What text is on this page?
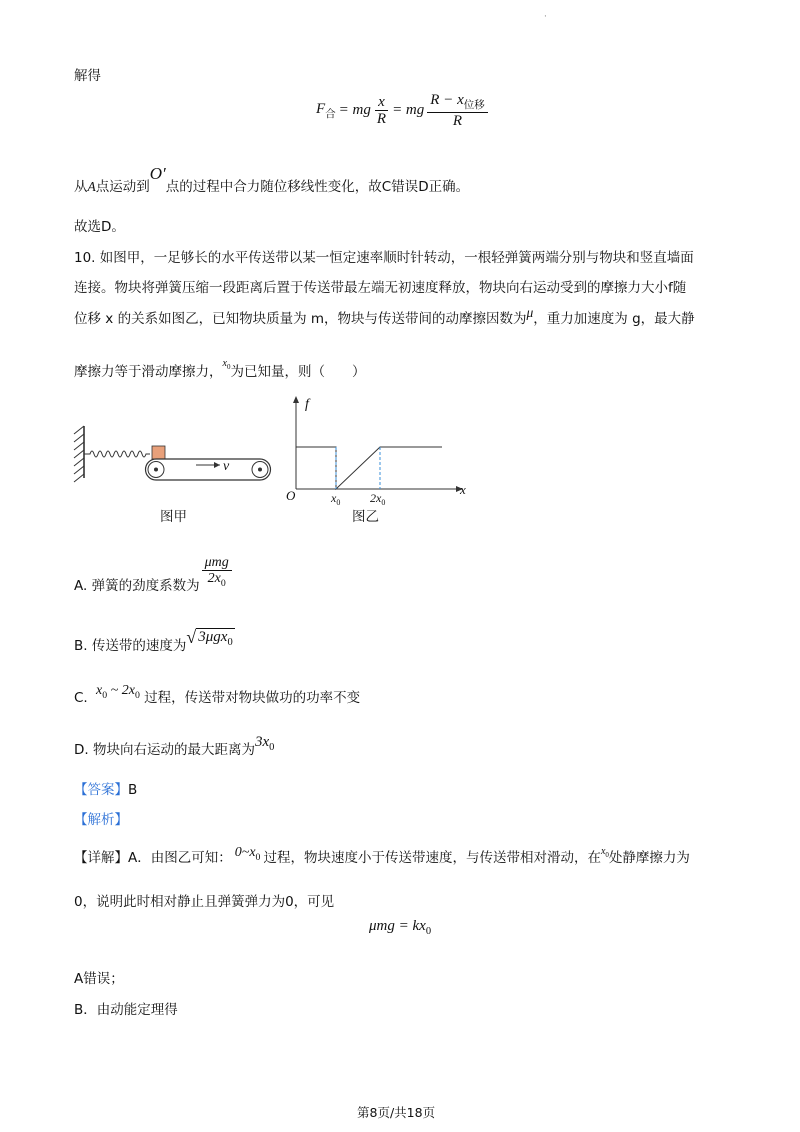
·
解得
$F_合$ = mg $\frac{x}{R}$ = mg $\frac{R - x_{位移}}{R}$
从A点运动到O′点的过程中合力随位移线性变化，故C错误D正确。
故选D。
10. 如图甲，一足够长的水平传送带以某一恒定速率顺时针转动，一根轻弹簧两端分别与物块和竖直墙面
连接。物块将弹簧压缩一段距离后置于传送带最左端无初速度释放，物块向右运动受到的摩擦力大小f随
位移 x 的关系如图乙，已知物块质量为 m，物块与传送带间的动摩擦因数为μ，重力加速度为 g，最大静
摩擦力等于滑动摩擦力，$^{x_0}$为已知量，则（　　）
v
图甲
f
x
O	$x_0$ $2x_0$
图乙
A. 弹簧的劲度系数为 $\frac{\text{μmg}}{2x_0}$
B. 传送带的速度为 √ 3μgx$_0$
C. $x_0$ ~ $2x_0$ 过程，传送带对物块做功的功率不变
D. 物块向右运动的最大距离为$3x_0$
【答案】B
【解析】
【详解】A．由图乙可知： $0\sim x_0$ 过程，物块速度小于传送带速度，与传送带相对滑动，在$^{x_0}$处静摩擦力为
0，说明此时相对静止且弹簧弹力为0，可见
$\mu mg = kx_0$
A错误；
B．由动能定理得
第8页/共18页
